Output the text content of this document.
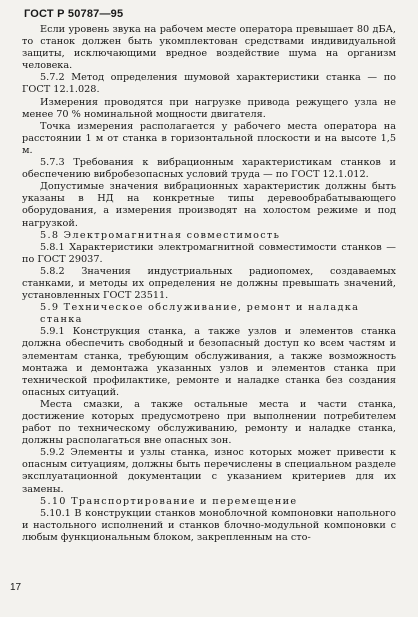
ГОСТ Р 50787—95

Если уровень звука на рабочем месте оператора превышает 80 дБА, то станок должен быть укомплектован средствами индивидуальной защиты, исключающими вредное воздействие шума на организм человека.

5.7.2 Метод определения шумовой характеристики станка — по ГОСТ 12.1.028.

Измерения проводятся при нагрузке привода режущего узла не менее 70 % номинальной мощности двигателя.

Точка измерения располагается у рабочего места оператора на расстоянии 1 м от станка в горизонтальной плоскости и на высоте 1,5 м.

5.7.3 Требования к вибрационным характеристикам станков и обеспечению вибробезопасных условий труда — по ГОСТ 12.1.012.

Допустимые значения вибрационных характеристик должны быть указаны в НД на конкретные типы деревообрабатывающего оборудования, а измерения производят на холостом режиме и под нагрузкой.

5.8 Электромагнитная совместимость

5.8.1 Характеристики электромагнитной совместимости станков — по ГОСТ 29037.

5.8.2 Значения индустриальных радиопомех, создаваемых станками, и методы их определения не должны превышать значений, установленных ГОСТ 23511.

5.9 Техническое обслуживание, ремонт и наладка станка

5.9.1 Конструкция станка, а также узлов и элементов станка должна обеспечить свободный и безопасный доступ ко всем частям и элементам станка, требующим обслуживания, а также возможность монтажа и демонтажа указанных узлов и элементов станка при технической профилактике, ремонте и наладке станка без создания опасных ситуаций.

Места смазки, а также остальные места и части станка, достижение которых предусмотрено при выполнении потребителем работ по техническому обслуживанию, ремонту и наладке станка, должны располагаться вне опасных зон.

5.9.2 Элементы и узлы станка, износ которых может привести к опасным ситуациям, должны быть перечислены в специальном разделе эксплуатационной документации с указанием критериев для их замены.

5.10 Транспортирование и перемещение

5.10.1 В конструкции станков моноблочной компоновки напольного и настольного исполнений и станков блочно-модульной компоновки с любым функциональным блоком, закрепленным на сто-

17
